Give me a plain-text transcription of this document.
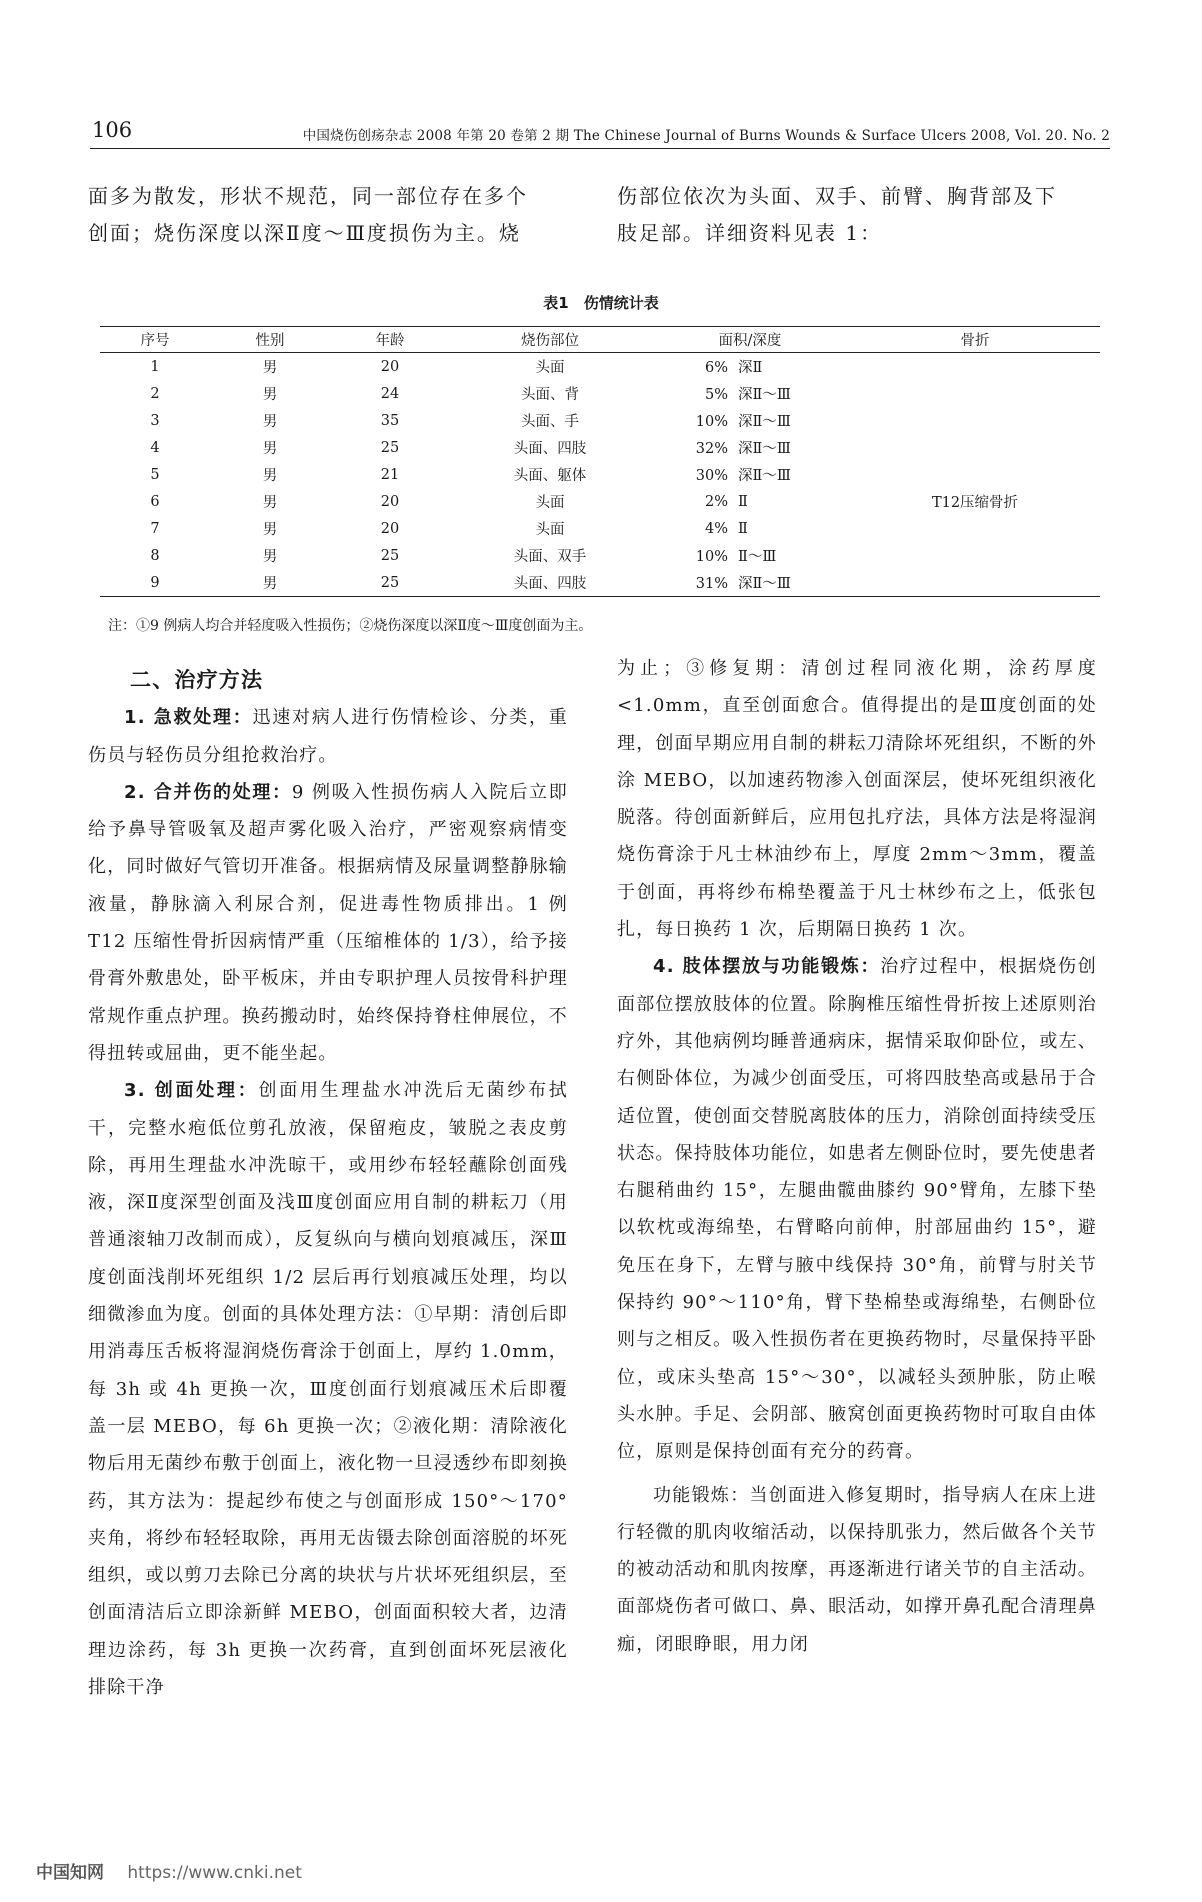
106	中国烧伤创疡杂志 2008 年第 20 卷第 2 期 The Chinese Journal of Burns Wounds & Surface Ulcers 2008, Vol. 20. No. 2

面多为散发，形状不规范，同一部位存在多个

创面；烧伤深度以深Ⅱ度～Ⅲ度损伤为主。烧

伤部位依次为头面、双手、前臂、胸背部及下

肢足部。详细资料见表 1：

表1　伤情统计表
序号	性别	年龄	烧伤部位	面积/深度	骨折
1	男	20	头面	6% 深Ⅱ	
2	男	24	头面、背	5% 深Ⅱ～Ⅲ	
3	男	35	头面、手	10% 深Ⅱ～Ⅲ	
4	男	25	头面、四肢	32% 深Ⅱ～Ⅲ	
5	男	21	头面、躯体	30% 深Ⅱ～Ⅲ	
6	男	20	头面	2% Ⅱ	T12压缩骨折
7	男	20	头面	4% Ⅱ	
8	男	25	头面、双手	10% Ⅱ～Ⅲ	
9	男	25	头面、四肢	31% 深Ⅱ～Ⅲ	
注：①9 例病人均合并轻度吸入性损伤；②烧伤深度以深Ⅱ度～Ⅲ度创面为主。

二、治疗方法

1. 急救处理：迅速对病人进行伤情检诊、分类，重伤员与轻伤员分组抢救治疗。

2. 合并伤的处理：9 例吸入性损伤病人入院后立即给予鼻导管吸氧及超声雾化吸入治疗，严密观察病情变化，同时做好气管切开准备。根据病情及尿量调整静脉输液量，静脉滴入利尿合剂，促进毒性物质排出。1 例 T12 压缩性骨折因病情严重（压缩椎体的 1/3），给予接骨膏外敷患处，卧平板床，并由专职护理人员按骨科护理常规作重点护理。换药搬动时，始终保持脊柱伸展位，不得扭转或屈曲，更不能坐起。

3. 创面处理：创面用生理盐水冲洗后无菌纱布拭干，完整水疱低位剪孔放液，保留疱皮，皱脱之表皮剪除，再用生理盐水冲洗晾干，或用纱布轻轻蘸除创面残液，深Ⅱ度深型创面及浅Ⅲ度创面应用自制的耕耘刀（用普通滚轴刀改制而成），反复纵向与横向划痕减压，深Ⅲ度创面浅削坏死组织 1/2 层后再行划痕减压处理，均以细微渗血为度。创面的具体处理方法：①早期：清创后即用消毒压舌板将湿润烧伤膏涂于创面上，厚约 1.0mm，每 3h 或 4h 更换一次，Ⅲ度创面行划痕减压术后即覆盖一层 MEBO，每 6h 更换一次；②液化期：清除液化物后用无菌纱布敷于创面上，液化物一旦浸透纱布即刻换药，其方法为：提起纱布使之与创面形成 150°～170°夹角，将纱布轻轻取除，再用无齿镊去除创面溶脱的坏死组织，或以剪刀去除已分离的块状与片状坏死组织层，至创面清洁后立即涂新鲜 MEBO，创面面积较大者，边清理边涂药，每 3h 更换一次药膏，直到创面坏死层液化排除干净

为止；③修复期：清创过程同液化期，涂药厚度<1.0mm，直至创面愈合。值得提出的是Ⅲ度创面的处理，创面早期应用自制的耕耘刀清除坏死组织，不断的外涂 MEBO，以加速药物渗入创面深层，使坏死组织液化脱落。待创面新鲜后，应用包扎疗法，具体方法是将湿润烧伤膏涂于凡士林油纱布上，厚度 2mm～3mm，覆盖于创面，再将纱布棉垫覆盖于凡士林纱布之上，低张包扎，每日换药 1 次，后期隔日换药 1 次。

4. 肢体摆放与功能锻炼：治疗过程中，根据烧伤创面部位摆放肢体的位置。除胸椎压缩性骨折按上述原则治疗外，其他病例均睡普通病床，据情采取仰卧位，或左、右侧卧体位，为减少创面受压，可将四肢垫高或悬吊于合适位置，使创面交替脱离肢体的压力，消除创面持续受压状态。保持肢体功能位，如患者左侧卧位时，要先使患者右腿稍曲约 15°，左腿曲髋曲膝约 90°臂角，左膝下垫以软枕或海绵垫，右臂略向前伸，肘部屈曲约 15°，避免压在身下，左臂与腋中线保持 30°角，前臂与肘关节保持约 90°～110°角，臂下垫棉垫或海绵垫，右侧卧位则与之相反。吸入性损伤者在更换药物时，尽量保持平卧位，或床头垫高 15°～30°，以减轻头颈肿胀，防止喉头水肿。手足、会阴部、腋窝创面更换药物时可取自由体位，原则是保持创面有充分的药膏。

功能锻炼：当创面进入修复期时，指导病人在床上进行轻微的肌肉收缩活动，以保持肌张力，然后做各个关节的被动活动和肌肉按摩，再逐渐进行诸关节的自主活动。面部烧伤者可做口、鼻、眼活动，如撑开鼻孔配合清理鼻痂，闭眼睁眼，用力闭

中国知网 https://www.cnki.net
